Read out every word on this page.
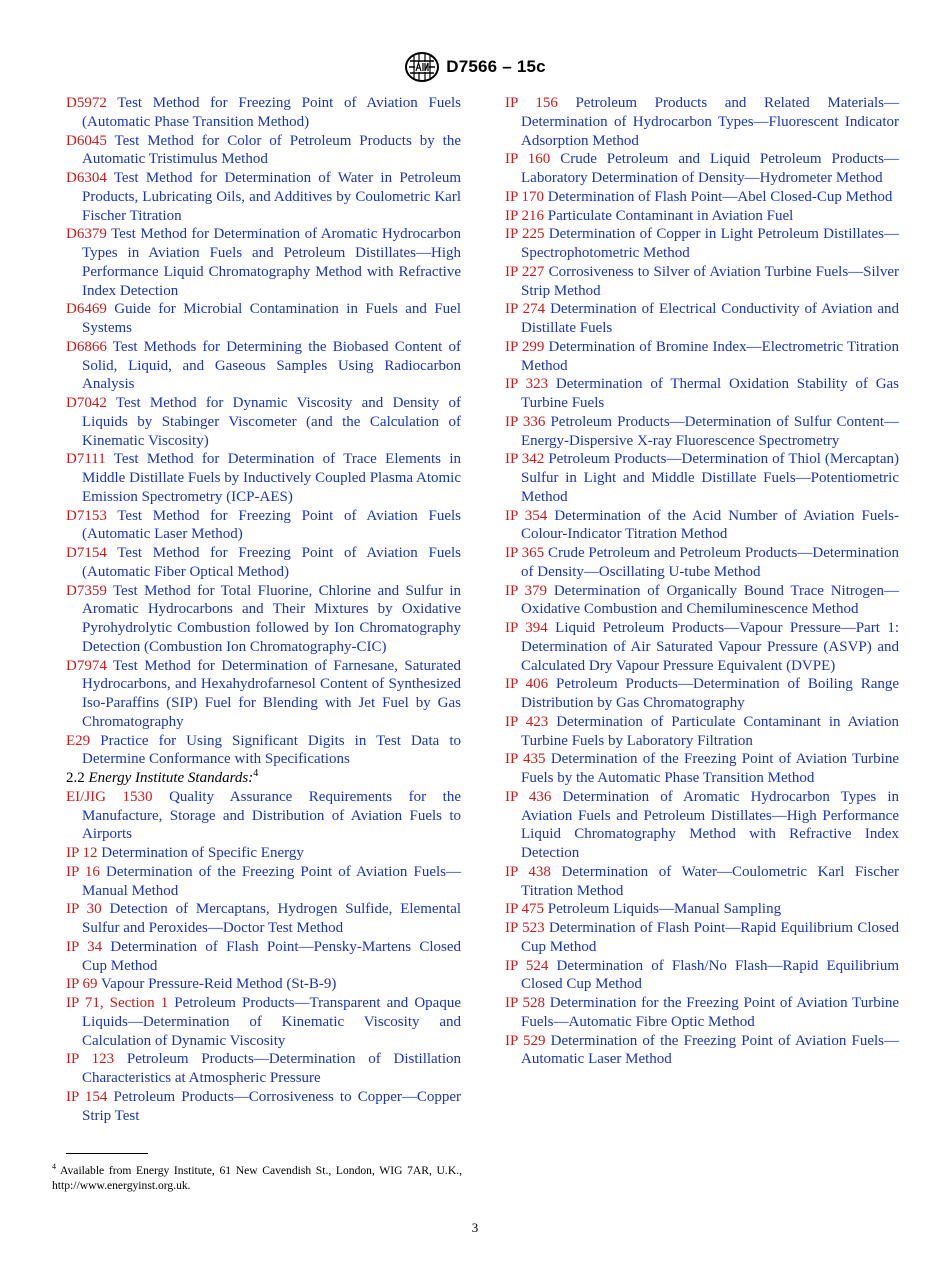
D7566 – 15c

D5972 Test Method for Freezing Point of Aviation Fuels (Automatic Phase Transition Method)

D6045 Test Method for Color of Petroleum Products by the Automatic Tristimulus Method

D6304 Test Method for Determination of Water in Petroleum Products, Lubricating Oils, and Additives by Coulometric Karl Fischer Titration

D6379 Test Method for Determination of Aromatic Hydrocarbon Types in Aviation Fuels and Petroleum Distillates—High Performance Liquid Chromatography Method with Refractive Index Detection

D6469 Guide for Microbial Contamination in Fuels and Fuel Systems

D6866 Test Methods for Determining the Biobased Content of Solid, Liquid, and Gaseous Samples Using Radiocarbon Analysis

D7042 Test Method for Dynamic Viscosity and Density of Liquids by Stabinger Viscometer (and the Calculation of Kinematic Viscosity)

D7111 Test Method for Determination of Trace Elements in Middle Distillate Fuels by Inductively Coupled Plasma Atomic Emission Spectrometry (ICP-AES)

D7153 Test Method for Freezing Point of Aviation Fuels (Automatic Laser Method)

D7154 Test Method for Freezing Point of Aviation Fuels (Automatic Fiber Optical Method)

D7359 Test Method for Total Fluorine, Chlorine and Sulfur in Aromatic Hydrocarbons and Their Mixtures by Oxidative Pyrohydrolytic Combustion followed by Ion Chromatography Detection (Combustion Ion Chromatography-CIC)

D7974 Test Method for Determination of Farnesane, Saturated Hydrocarbons, and Hexahydrofarnesol Content of Synthesized Iso-Paraffins (SIP) Fuel for Blending with Jet Fuel by Gas Chromatography

E29 Practice for Using Significant Digits in Test Data to Determine Conformance with Specifications

2.2 Energy Institute Standards:$^4$

EI/JIG 1530 Quality Assurance Requirements for the Manufacture, Storage and Distribution of Aviation Fuels to Airports

IP 12 Determination of Specific Energy

IP 16 Determination of the Freezing Point of Aviation Fuels—Manual Method

IP 30 Detection of Mercaptans, Hydrogen Sulfide, Elemental Sulfur and Peroxides—Doctor Test Method

IP 34 Determination of Flash Point—Pensky-Martens Closed Cup Method

IP 69 Vapour Pressure-Reid Method (St-B-9)

IP 71, Section 1 Petroleum Products—Transparent and Opaque Liquids—Determination of Kinematic Viscosity and Calculation of Dynamic Viscosity

IP 123 Petroleum Products—Determination of Distillation Characteristics at Atmospheric Pressure

IP 154 Petroleum Products—Corrosiveness to Copper—Copper Strip Test

IP 156 Petroleum Products and Related Materials—Determination of Hydrocarbon Types—Fluorescent Indicator Adsorption Method

IP 160 Crude Petroleum and Liquid Petroleum Products—Laboratory Determination of Density—Hydrometer Method

IP 170 Determination of Flash Point—Abel Closed-Cup Method

IP 216 Particulate Contaminant in Aviation Fuel

IP 225 Determination of Copper in Light Petroleum Distillates—Spectrophotometric Method

IP 227 Corrosiveness to Silver of Aviation Turbine Fuels—Silver Strip Method

IP 274 Determination of Electrical Conductivity of Aviation and Distillate Fuels

IP 299 Determination of Bromine Index—Electrometric Titration Method

IP 323 Determination of Thermal Oxidation Stability of Gas Turbine Fuels

IP 336 Petroleum Products—Determination of Sulfur Content—Energy-Dispersive X-ray Fluorescence Spectrometry

IP 342 Petroleum Products—Determination of Thiol (Mercaptan) Sulfur in Light and Middle Distillate Fuels—Potentiometric Method

IP 354 Determination of the Acid Number of Aviation Fuels-Colour-Indicator Titration Method

IP 365 Crude Petroleum and Petroleum Products—Determination of Density—Oscillating U-tube Method

IP 379 Determination of Organically Bound Trace Nitrogen—Oxidative Combustion and Chemiluminescence Method

IP 394 Liquid Petroleum Products—Vapour Pressure—Part 1: Determination of Air Saturated Vapour Pressure (ASVP) and Calculated Dry Vapour Pressure Equivalent (DVPE)

IP 406 Petroleum Products—Determination of Boiling Range Distribution by Gas Chromatography

IP 423 Determination of Particulate Contaminant in Aviation Turbine Fuels by Laboratory Filtration

IP 435 Determination of the Freezing Point of Aviation Turbine Fuels by the Automatic Phase Transition Method

IP 436 Determination of Aromatic Hydrocarbon Types in Aviation Fuels and Petroleum Distillates—High Performance Liquid Chromatography Method with Refractive Index Detection

IP 438 Determination of Water—Coulometric Karl Fischer Titration Method

IP 475 Petroleum Liquids—Manual Sampling

IP 523 Determination of Flash Point—Rapid Equilibrium Closed Cup Method

IP 524 Determination of Flash/No Flash—Rapid Equilibrium Closed Cup Method

IP 528 Determination for the Freezing Point of Aviation Turbine Fuels—Automatic Fibre Optic Method

IP 529 Determination of the Freezing Point of Aviation Fuels—Automatic Laser Method

$^4$ Available from Energy Institute, 61 New Cavendish St., London, WIG 7AR, U.K., http://www.energyinst.org.uk.
3
